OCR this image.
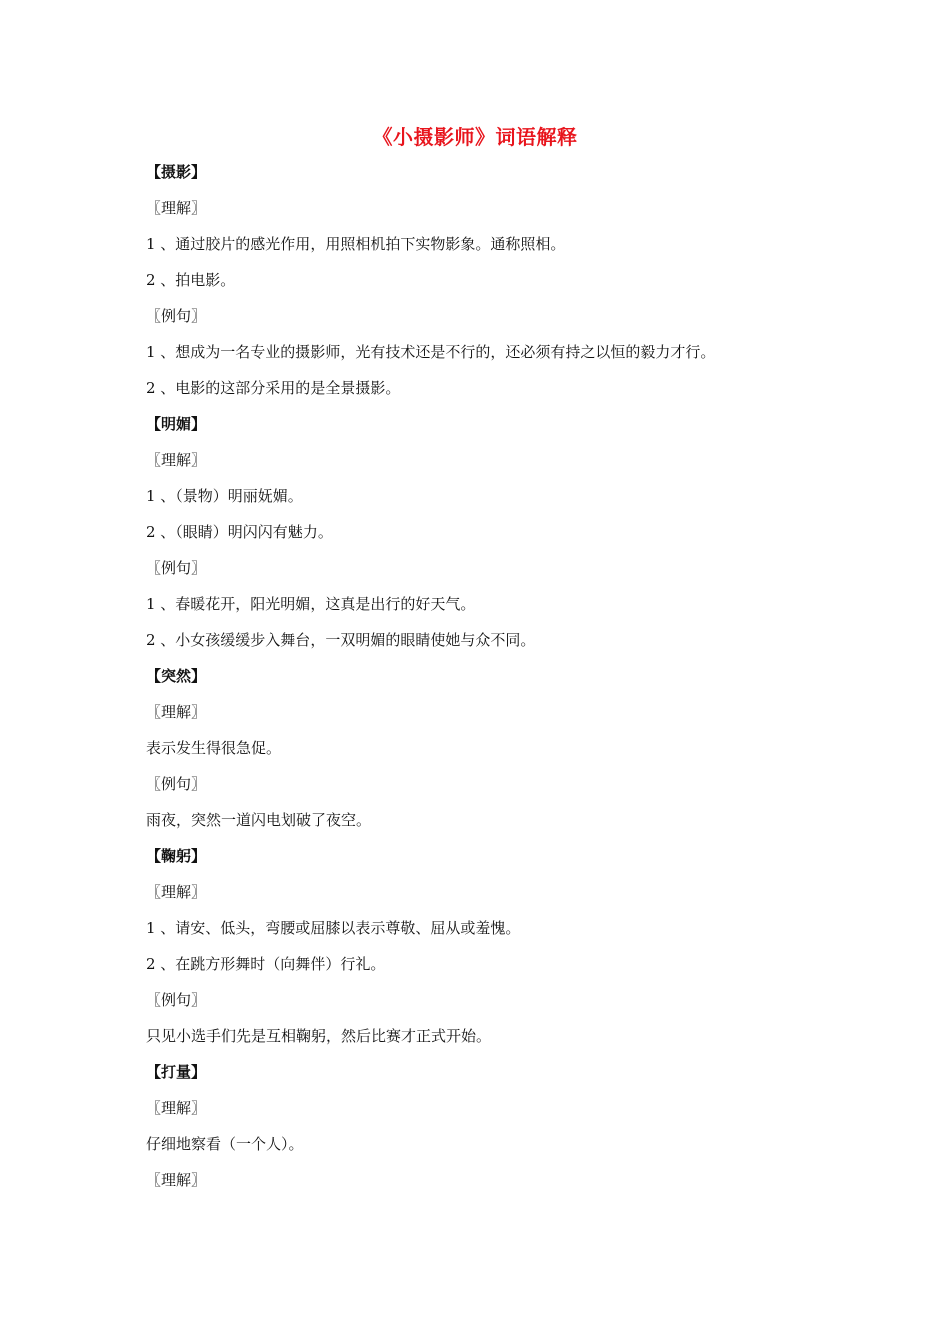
《小摄影师》词语解释
【摄影】
〖理解〗
1 、通过胶片的感光作用，用照相机拍下实物影象。通称照相。
2 、拍电影。
〖例句〗
1 、想成为一名专业的摄影师，光有技术还是不行的，还必须有持之以恒的毅力才行。
2 、电影的这部分采用的是全景摄影。
【明媚】
〖理解〗
1 、（景物）明丽妩媚。
2 、（眼睛）明闪闪有魅力。
〖例句〗
1 、春暖花开，阳光明媚，这真是出行的好天气。
2 、小女孩缓缓步入舞台，一双明媚的眼睛使她与众不同。
【突然】
〖理解〗
表示发生得很急促。
〖例句〗
雨夜，突然一道闪电划破了夜空。
【鞠躬】
〖理解〗
1 、请安、低头，弯腰或屈膝以表示尊敬、屈从或羞愧。
2 、在跳方形舞时（向舞伴）行礼。
〖例句〗
只见小选手们先是互相鞠躬，然后比赛才正式开始。
【打量】
〖理解〗
仔细地察看（一个人）。
〖理解〗
